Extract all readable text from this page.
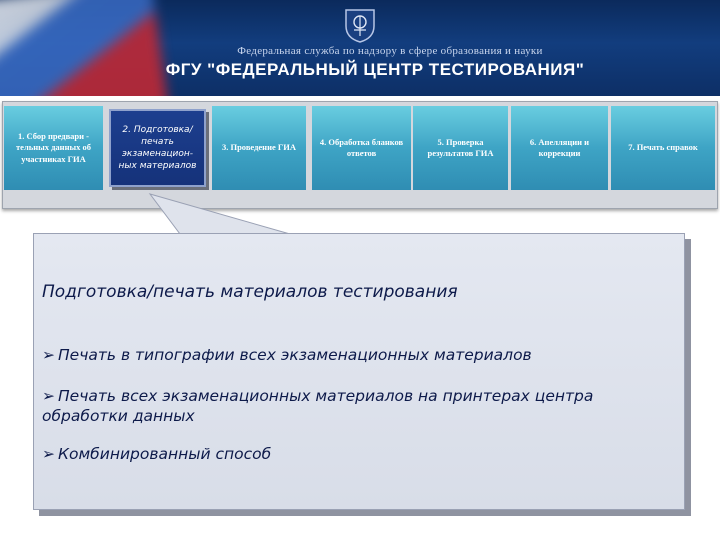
Федеральная служба по надзору в сфере образования и науки
ФГУ "ФЕДЕРАЛЬНЫЙ ЦЕНТР ТЕСТИРОВАНИЯ"
1. Сбор предвари - тельных данных об участниках ГИА
2. Подготовка/ печать экзаменацион- ных материалов
3. Проведение ГИА
4. Обработка бланков ответов
5. Проверка результатов ГИА
6. Апелляции и коррекции
7. Печать справок
Подготовка/печать материалов тестирования
➢ Печать в типографии всех экзаменационных материалов
➢ Печать всех экзаменационных материалов на принтерах центра обработки данных
➢ Комбинированный способ
